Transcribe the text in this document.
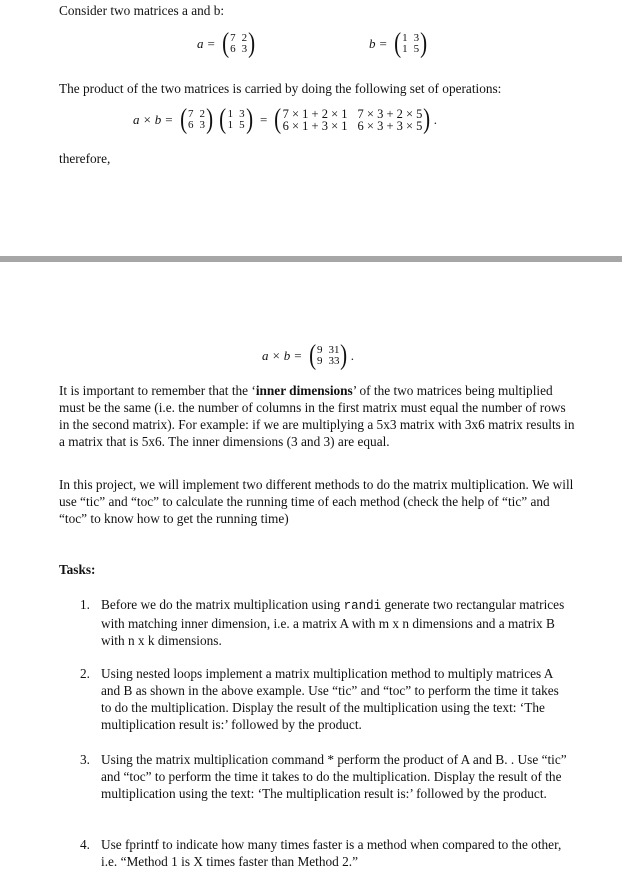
Consider two matrices a and b:
a = ( 7 2
6 3 )	b = ( 1 3
1 5 )
The product of the two matrices is carried by doing the following set of operations:
a × b = ( 7 2
6 3 ) ( 1 3
1 5 ) = ( 7 × 1 + 2 × 1 7 × 3 + 2 × 5
6 × 1 + 3 × 1 6 × 3 + 3 × 5 ) .
therefore,
a × b = ( 9 31
9 33 ) .
It is important to remember that the ‘inner dimensions’ of the two matrices being multiplied must be the same (i.e. the number of columns in the first matrix must equal the number of rows in the second matrix). For example: if we are multiplying a 5x3 matrix with 3x6 matrix results in a matrix that is 5x6. The inner dimensions (3 and 3) are equal.
In this project, we will implement two different methods to do the matrix multiplication. We will use “tic” and “toc” to calculate the running time of each method (check the help of “tic” and “toc” to know how to get the running time)
Tasks:
1. Before we do the matrix multiplication using randi generate two rectangular matrices with matching inner dimension, i.e. a matrix A with m x n dimensions and a matrix B with n x k dimensions.
2. Using nested loops implement a matrix multiplication method to multiply matrices A and B as shown in the above example. Use “tic” and “toc” to perform the time it takes to do the multiplication. Display the result of the multiplication using the text: ‘The multiplication result is:’ followed by the product.
3. Using the matrix multiplication command * perform the product of A and B. . Use “tic” and “toc” to perform the time it takes to do the multiplication. Display the result of the multiplication using the text: ‘The multiplication result is:’ followed by the product.
4. Use fprintf to indicate how many times faster is a method when compared to the other, i.e. “Method 1 is X times faster than Method 2.”
